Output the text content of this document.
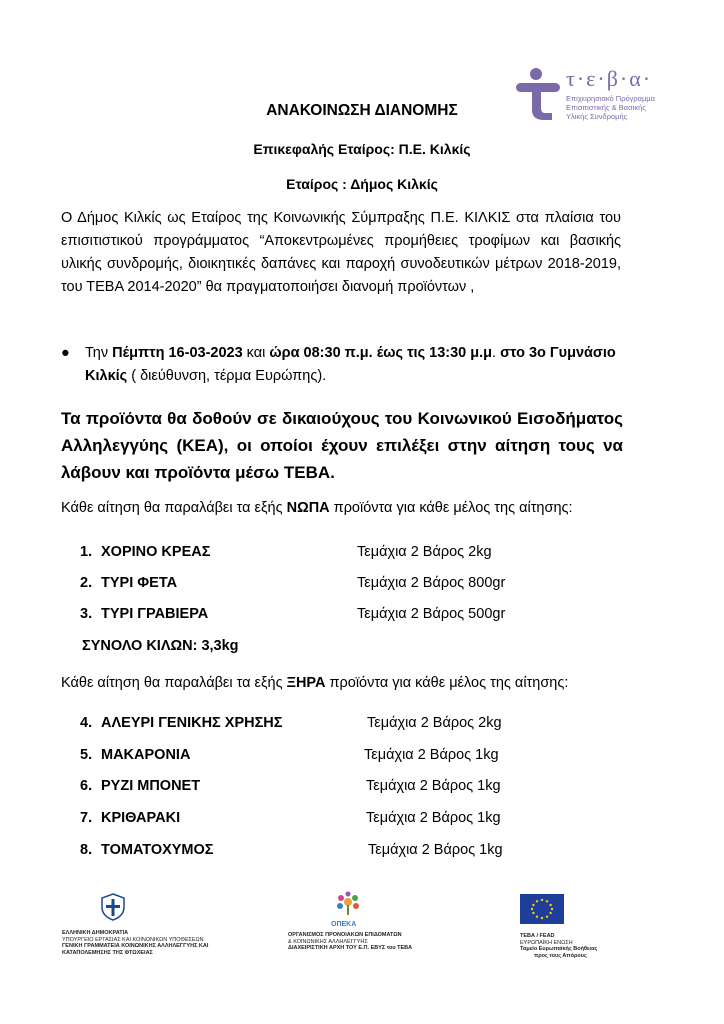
τ·ε·β·α·
Επιχειρησιακό Πρόγραμμα Επισιτιστικής & Βασικής Υλικής Συνδρομής
ΑΝΑΚΟΙΝΩΣΗ ΔΙΑΝΟΜΗΣ
Επικεφαλής Εταίρος: Π.Ε. Κιλκίς
Εταίρος : Δήμος Κιλκίς
Ο Δήμος Κιλκίς ως Εταίρος της Κοινωνικής Σύμπραξης Π.Ε. ΚΙΛΚΙΣ στα πλαίσια του επισιτιστικού προγράμματος “Αποκεντρωμένες προμήθειες τροφίμων και βασικής υλικής συνδρομής, διοικητικές δαπάνες και παροχή συνοδευτικών μέτρων 2018-2019, του ΤΕΒΑ 2014-2020” θα πραγματοποιήσει διανομή προϊόντων ,
● Την Πέμπτη 16-03-2023 και ώρα 08:30 π.μ. έως τις 13:30 μ.μ. στο 3ο Γυμνάσιο Κιλκίς ( διεύθυνση, τέρμα Ευρώπης).
Τα προϊόντα θα δοθούν σε δικαιούχους του Κοινωνικού Εισοδήματος Αλληλεγγύης (ΚΕΑ), οι οποίοι έχουν επιλέξει στην αίτηση τους να λάβουν και προϊόντα μέσω ΤΕΒΑ.
Κάθε αίτηση θα παραλάβει τα εξής ΝΩΠΑ προϊόντα για κάθε μέλος της αίτησης:
1. ΧΟΡΙΝΟ ΚΡΕΑΣ	Τεμάχια 2 Βάρος 2kg
2. ΤΥΡΙ ΦΕΤΑ	Τεμάχια 2 Βάρος 800gr
3. ΤΥΡΙ ΓΡΑΒΙΕΡΑ	Τεμάχια 2 Βάρος 500gr
ΣΥΝΟΛΟ ΚΙΛΩΝ: 3,3kg
Κάθε αίτηση θα παραλάβει τα εξής ΞΗΡΑ προϊόντα για κάθε μέλος της αίτησης:
4. ΑΛΕΥΡΙ ΓΕΝΙΚΗΣ ΧΡΗΣΗΣ	Τεμάχια 2 Βάρος 2kg
5. ΜΑΚΑΡΟΝΙΑ	Τεμάχια 2 Βάρος 1kg
6. ΡΥΖΙ ΜΠΟΝΕΤ	Τεμάχια 2 Βάρος 1kg
7. ΚΡΙΘΑΡΑΚΙ	Τεμάχια 2 Βάρος 1kg
8. ΤΟΜΑΤΟΧΥΜΟΣ	Τεμάχια 2 Βάρος 1kg
ΕΛΛΗΝΙΚΗ ΔΗΜΟΚΡΑΤΙΑ
ΥΠΟΥΡΓΕΙΟ ΕΡΓΑΣΙΑΣ ΚΑΙ ΚΟΙΝΩΝΙΚΩΝ ΥΠΟΘΕΣΕΩΝ
ΓΕΝΙΚΗ ΓΡΑΜΜΑΤΕΙΑ ΚΟΙΝΩΝΙΚΗΣ ΑΛΛΗΛΕΓΓΥΗΣ ΚΑΙ
ΚΑΤΑΠΟΛΕΜΗΣΗΣ ΤΗΣ ΦΤΩΧΕΙΑΣ
ΟΠΕΚΑ
ΟΡΓΑΝΙΣΜΟΣ ΠΡΟΝΟΙΑΚΩΝ ΕΠΙΔΟΜΑΤΩΝ
& ΚΟΙΝΩΝΙΚΗΣ ΑΛΛΗΛΕΓΓΥΗΣ
ΔΙΑΧΕΙΡΙΣΤΙΚΗ ΑΡΧΗ ΤΟΥ Ε.Π. ΕΒΥΣ του ΤΕΒΑ
ΤΕΒΑ / FEAD
ΕΥΡΩΠΑΪΚΗ ΕΝΩΣΗ
Ταμείο Ευρωπαϊκής Βοήθειας
προς τους Απόρους
